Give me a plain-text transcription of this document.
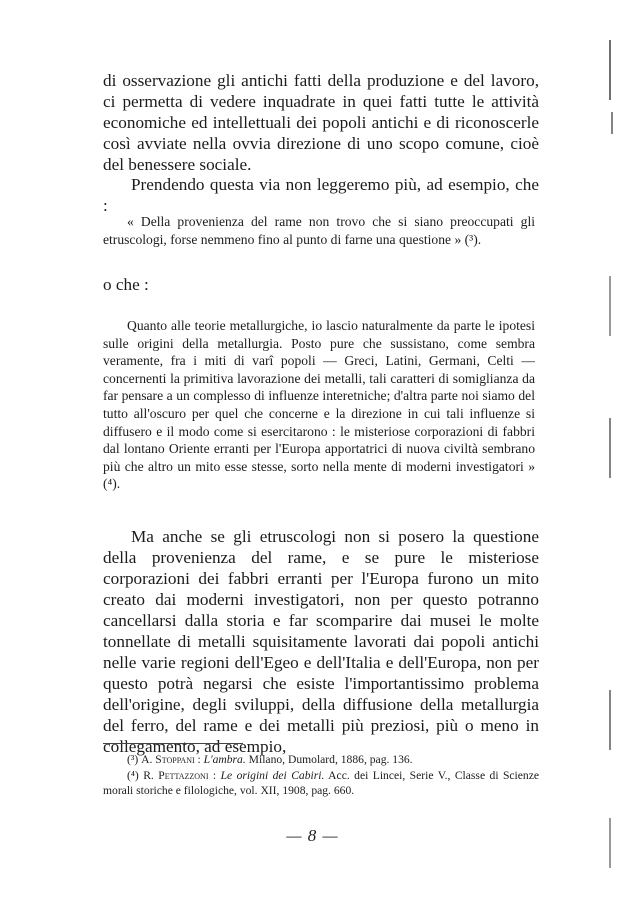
di osservazione gli antichi fatti della produzione e del lavoro, ci permetta di vedere inquadrate in quei fatti tutte le attività economiche ed intellettuali dei popoli antichi e di riconoscerle così avviate nella ovvia direzione di uno scopo comune, cioè del benessere sociale.

Prendendo questa via non leggeremo più, ad esempio, che :

« Della provenienza del rame non trovo che si siano preoccupati gli etruscologi, forse nemmeno fino al punto di farne una questione » (³).

o che :

Quanto alle teorie metallurgiche, io lascio naturalmente da parte le ipotesi sulle origini della metallurgia. Posto pure che sussistano, come sembra veramente, fra i miti di varî popoli — Greci, Latini, Germani, Celti — concernenti la primitiva lavorazione dei metalli, tali caratteri di somiglianza da far pensare a un complesso di influenze interetniche; d'altra parte noi siamo del tutto all'oscuro per quel che concerne e la direzione in cui tali influenze si diffusero e il modo come si esercitarono : le misteriose corporazioni di fabbri dal lontano Oriente erranti per l'Europa apportatrici di nuova civiltà sembrano più che altro un mito esse stesse, sorto nella mente di moderni investigatori » (⁴).

Ma anche se gli etruscologi non si posero la questione della provenienza del rame, e se pure le misteriose corporazioni dei fabbri erranti per l'Europa furono un mito creato dai moderni investigatori, non per questo potranno cancellarsi dalla storia e far scomparire dai musei le molte tonnellate di metalli squisitamente lavorati dai popoli antichi nelle varie regioni dell'Egeo e dell'Italia e dell'Europa, non per questo potrà negarsi che esiste l'importantissimo problema dell'origine, degli sviluppi, della diffusione della metallurgia del ferro, del rame e dei metalli più preziosi, più o meno in collegamento, ad esempio,

(³) A. Stoppani : L'ambra. Milano, Dumolard, 1886, pag. 136.

(⁴) R. Pettazzoni : Le origini dei Cabiri. Acc. dei Lincei, Serie V., Classe di Scienze morali storiche e filologiche, vol. XII, 1908, pag. 660.

— 8 —
